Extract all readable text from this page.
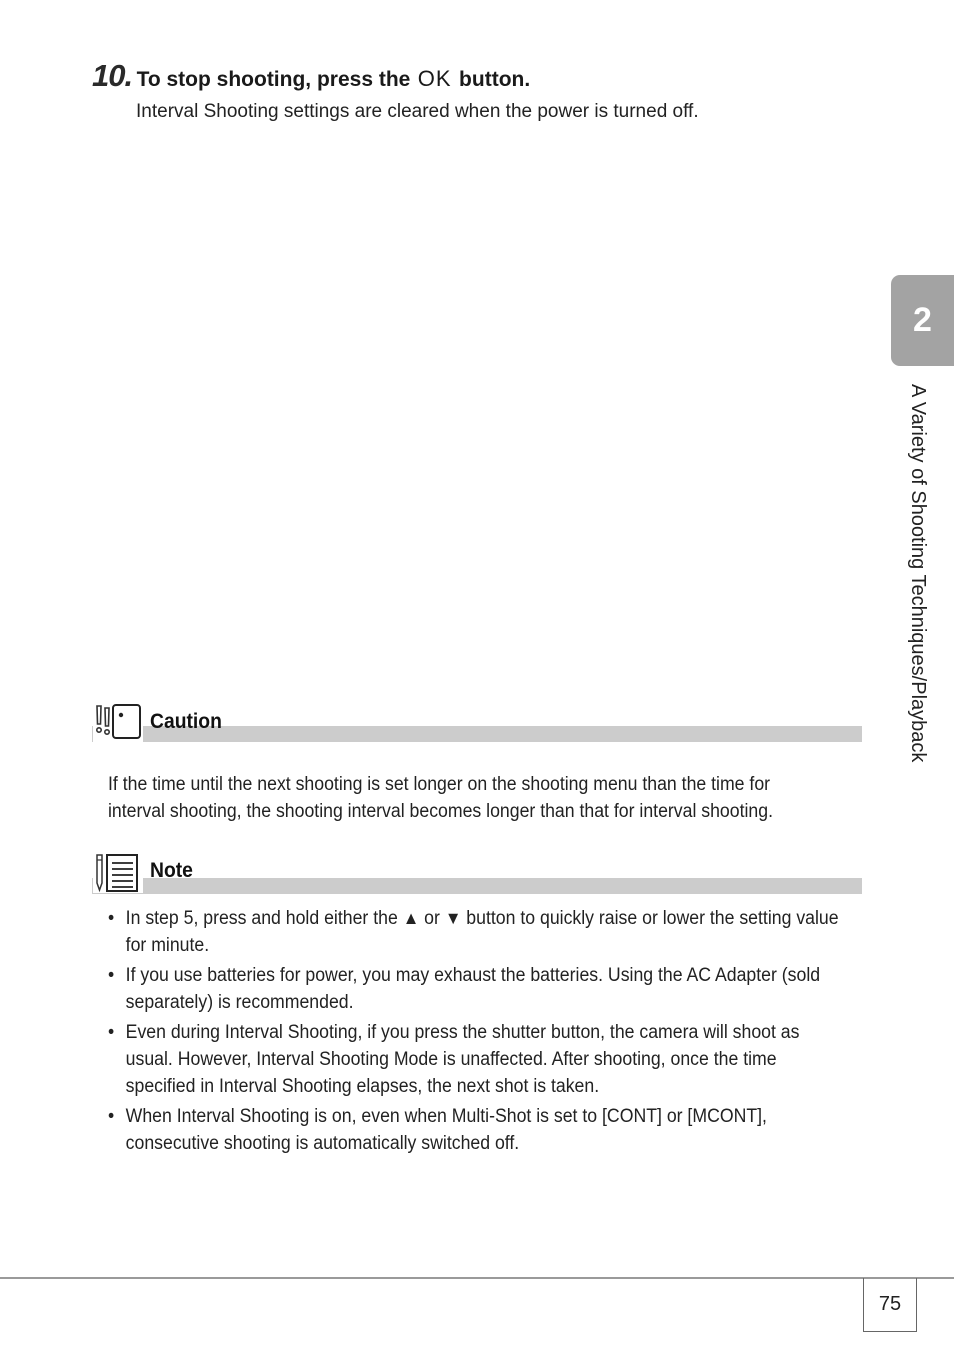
10. To stop shooting, press the OK button.
Interval Shooting settings are cleared when the power is turned off.
2
A Variety of Shooting Techniques/Playback
Caution
If the time until the next shooting is set longer on the shooting menu than the time for interval shooting, the shooting interval becomes longer than that for interval shooting.
Note
• In step 5, press and hold either the ▲ or ▼ button to quickly raise or lower the setting value for minute.
• If you use batteries for power, you may exhaust the batteries. Using the AC Adapter (sold separately) is recommended.
• Even during Interval Shooting, if you press the shutter button, the camera will shoot as usual. However, Interval Shooting Mode is unaffected. After shooting, once the time specified in Interval Shooting elapses, the next shot is taken.
• When Interval Shooting is on, even when Multi-Shot is set to [CONT] or [MCONT], consecutive shooting is automatically switched off.
75
